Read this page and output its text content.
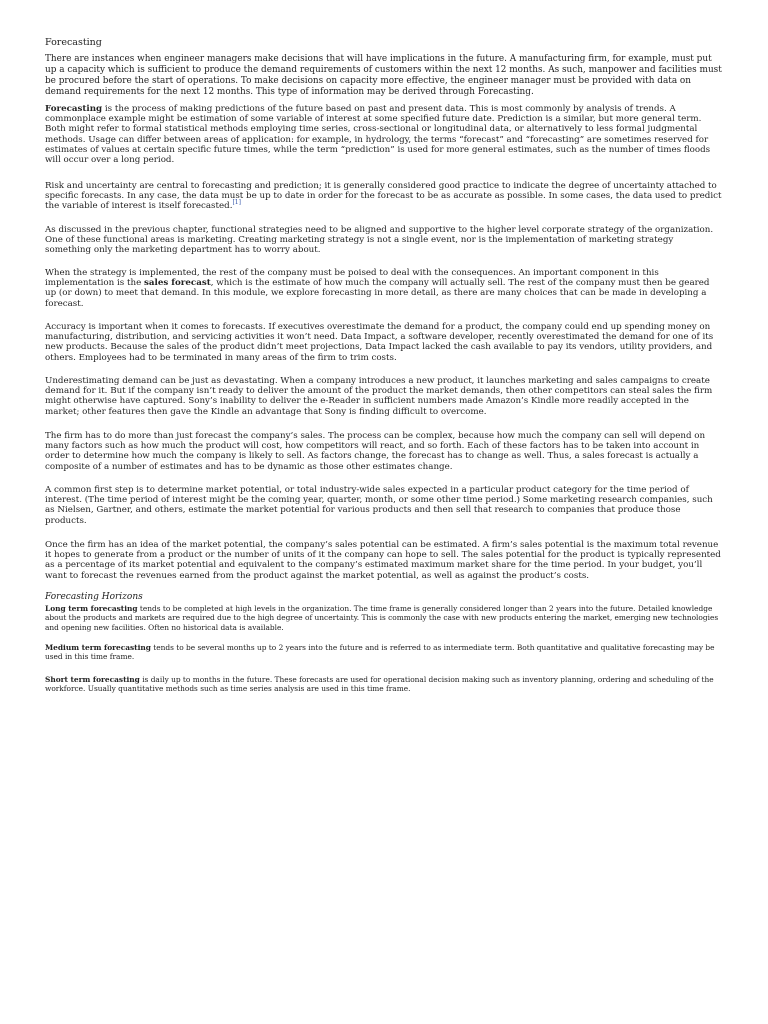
Forecasting

There are instances when engineer managers make decisions that will have implications in the future. A manufacturing firm, for example, must put up a capacity which is sufficient to produce the demand requirements of customers within the next 12 months. As such, manpower and facilities must be procured before the start of operations. To make decisions on capacity more effective, the engineer manager must be provided with data on demand requirements for the next 12 months. This type of information may be derived through Forecasting.

Forecasting is the process of making predictions of the future based on past and present data. This is most commonly by analysis of trends. A commonplace example might be estimation of some variable of interest at some specified future date. Prediction is a similar, but more general term. Both might refer to formal statistical methods employing time series, cross-sectional or longitudinal data, or alternatively to less formal judgmental methods. Usage can differ between areas of application: for example, in hydrology, the terms “forecast” and “forecasting” are sometimes reserved for estimates of values at certain specific future times, while the term “prediction” is used for more general estimates, such as the number of times floods will occur over a long period.

Risk and uncertainty are central to forecasting and prediction; it is generally considered good practice to indicate the degree of uncertainty attached to specific forecasts. In any case, the data must be up to date in order for the forecast to be as accurate as possible. In some cases, the data used to predict the variable of interest is itself forecasted.[1]

As discussed in the previous chapter, functional strategies need to be aligned and supportive to the higher level corporate strategy of the organization. One of these functional areas is marketing. Creating marketing strategy is not a single event, nor is the implementation of marketing strategy something only the marketing department has to worry about.

When the strategy is implemented, the rest of the company must be poised to deal with the consequences. An important component in this implementation is the sales forecast, which is the estimate of how much the company will actually sell. The rest of the company must then be geared up (or down) to meet that demand. In this module, we explore forecasting in more detail, as there are many choices that can be made in developing a forecast.

Accuracy is important when it comes to forecasts. If executives overestimate the demand for a product, the company could end up spending money on manufacturing, distribution, and servicing activities it won’t need. Data Impact, a software developer, recently overestimated the demand for one of its new products. Because the sales of the product didn’t meet projections, Data Impact lacked the cash available to pay its vendors, utility providers, and others. Employees had to be terminated in many areas of the firm to trim costs.

Underestimating demand can be just as devastating. When a company introduces a new product, it launches marketing and sales campaigns to create demand for it. But if the company isn’t ready to deliver the amount of the product the market demands, then other competitors can steal sales the firm might otherwise have captured. Sony’s inability to deliver the e-Reader in sufficient numbers made Amazon’s Kindle more readily accepted in the market; other features then gave the Kindle an advantage that Sony is finding difficult to overcome.

The firm has to do more than just forecast the company’s sales. The process can be complex, because how much the company can sell will depend on many factors such as how much the product will cost, how competitors will react, and so forth. Each of these factors has to be taken into account in order to determine how much the company is likely to sell. As factors change, the forecast has to change as well. Thus, a sales forecast is actually a composite of a number of estimates and has to be dynamic as those other estimates change.

A common first step is to determine market potential, or total industry-wide sales expected in a particular product category for the time period of interest. (The time period of interest might be the coming year, quarter, month, or some other time period.) Some marketing research companies, such as Nielsen, Gartner, and others, estimate the market potential for various products and then sell that research to companies that produce those products.

Once the firm has an idea of the market potential, the company’s sales potential can be estimated. A firm’s sales potential is the maximum total revenue it hopes to generate from a product or the number of units of it the company can hope to sell. The sales potential for the product is typically represented as a percentage of its market potential and equivalent to the company’s estimated maximum market share for the time period. In your budget, you’ll want to forecast the revenues earned from the product against the market potential, as well as against the product’s costs.

Forecasting Horizons

Long term forecasting tends to be completed at high levels in the organization. The time frame is generally considered longer than 2 years into the future. Detailed knowledge about the products and markets are required due to the high degree of uncertainty. This is commonly the case with new products entering the market, emerging new technologies and opening new facilities. Often no historical data is available.

Medium term forecasting tends to be several months up to 2 years into the future and is referred to as intermediate term. Both quantitative and qualitative forecasting may be used in this time frame.

Short term forecasting is daily up to months in the future. These forecasts are used for operational decision making such as inventory planning, ordering and scheduling of the workforce. Usually quantitative methods such as time series analysis are used in this time frame.
